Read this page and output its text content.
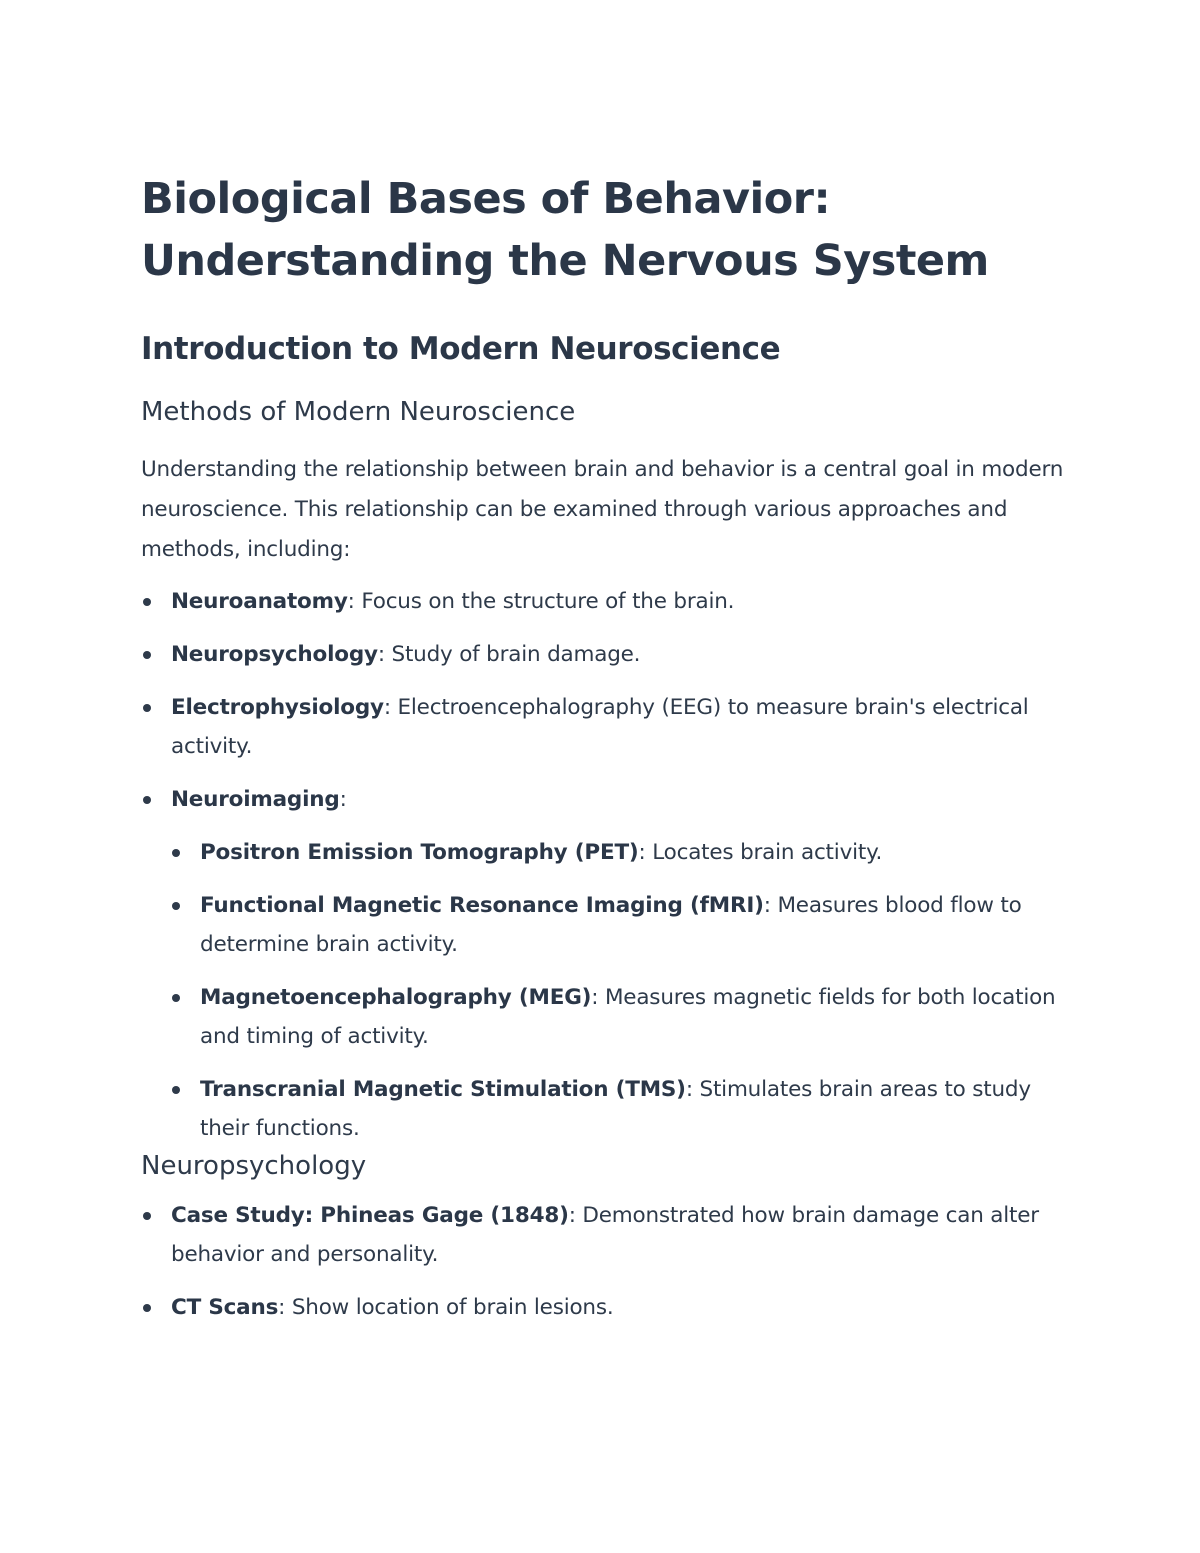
Biological Bases of Behavior: Understanding the Nervous System
Introduction to Modern Neuroscience
Methods of Modern Neuroscience

Understanding the relationship between brain and behavior is a central goal in modern neuroscience. This relationship can be examined through various approaches and methods, including:

Neuroanatomy: Focus on the structure of the brain.
Neuropsychology: Study of brain damage.
Electrophysiology: Electroencephalography (EEG) to measure brain's electrical activity.
Neuroimaging:
Positron Emission Tomography (PET): Locates brain activity.
Functional Magnetic Resonance Imaging (fMRI): Measures blood flow to determine brain activity.
Magnetoencephalography (MEG): Measures magnetic fields for both location and timing of activity.
Transcranial Magnetic Stimulation (TMS): Stimulates brain areas to study their functions.
Neuropsychology
Case Study: Phineas Gage (1848): Demonstrated how brain damage can alter behavior and personality.
CT Scans: Show location of brain lesions.
